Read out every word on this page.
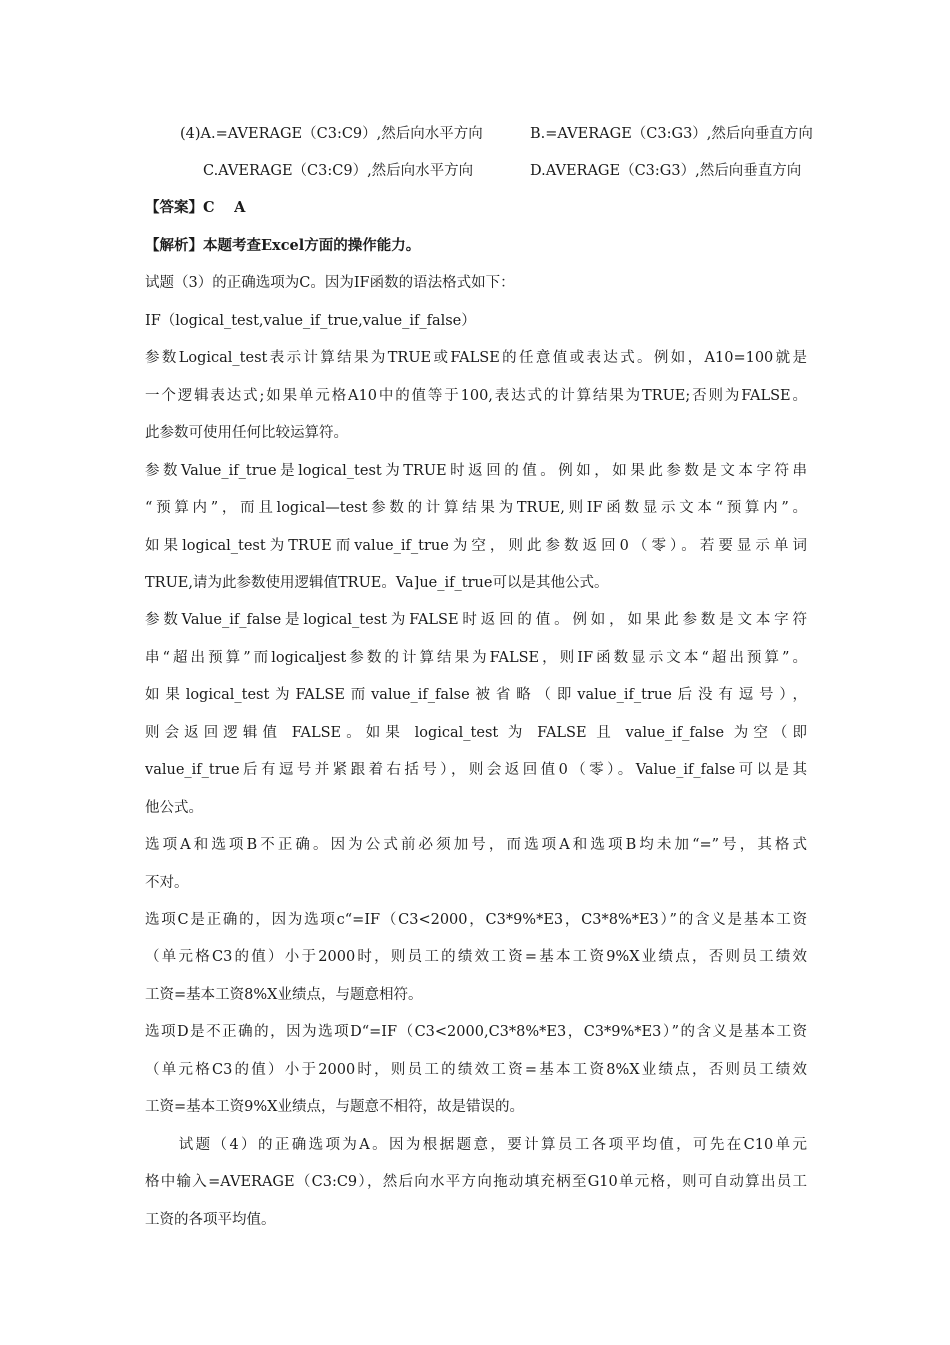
(4)A.=AVERAGE（C3:C9）,然后向水平方向	B.=AVERAGE（C3:G3）,然后向垂直方向
C.AVERAGE（C3:C9）,然后向水平方向	D.AVERAGE（C3:G3）,然后向垂直方向
【答案】C　 A
【解析】本题考查Excel方面的操作能力。
试题（3）的正确选项为C。因为IF函数的语法格式如下：
IF（logical_test,value_if_true,value_if_false）
参数Logical_test表示计算结果为TRUE或FALSE的任意值或表达式。例如，A10=100就是
一个逻辑表达式;如果单元格A10中的值等于100,表达式的计算结果为TRUE;否则为FALSE。
此参数可使用任何比较运算符。
参数Value_if_true是logical_test为TRUE时返回的值。例如，如果此参数是文本字符串
“预算内”，而且logical—test参数的计算结果为TRUE,则IF函数显示文本“预算内”。
如果logical_test为TRUE而value_if_true为空，则此参数返回0（零）。若要显示单词
TRUE,请为此参数使用逻辑值TRUE。Va]ue_if_true可以是其他公式。
参数Value_if_false是logical_test为FALSE时返回的值。例如，如果此参数是文本字符
串“超出预算”而logicaljest参数的计算结果为FALSE，则IF函数显示文本“超出预算”。
如果logical_test为FALSE而value_if_false被省略（即value_if_true后没有逗号），
则会返回逻辑值 FALSE。如果 logical_test 为 FALSE 且 value_if_false 为空（即
value_if_true后有逗号并紧跟着右括号），则会返回值0（零）。Value_if_false可以是其
他公式。
选项A和选项B不正确。因为公式前必须加号，而选项A和选项B均未加“=”号，其格式
不对。
选项C是正确的，因为选项c“=IF（C3<2000，C3*9%*E3，C3*8%*E3）”的含义是基本工资
（单元格C3的值）小于2000时，则员工的绩效工资=基本工资9%X业绩点，否则员工绩效
工资=基本工资8%X业绩点，与题意相符。
选项D是不正确的，因为选项D“=IF（C3<2000,C3*8%*E3，C3*9%*E3）”的含义是基本工资
（单元格C3的值）小于2000时，则员工的绩效工资=基本工资8%X业绩点，否则员工绩效
工资=基本工资9%X业绩点，与题意不相符，故是错误的。
　　试题（4）的正确选项为A。因为根据题意，要计算员工各项平均值，可先在C10单元
格中输入=AVERAGE（C3:C9），然后向水平方向拖动填充柄至G10单元格，则可自动算出员工
工资的各项平均值。
